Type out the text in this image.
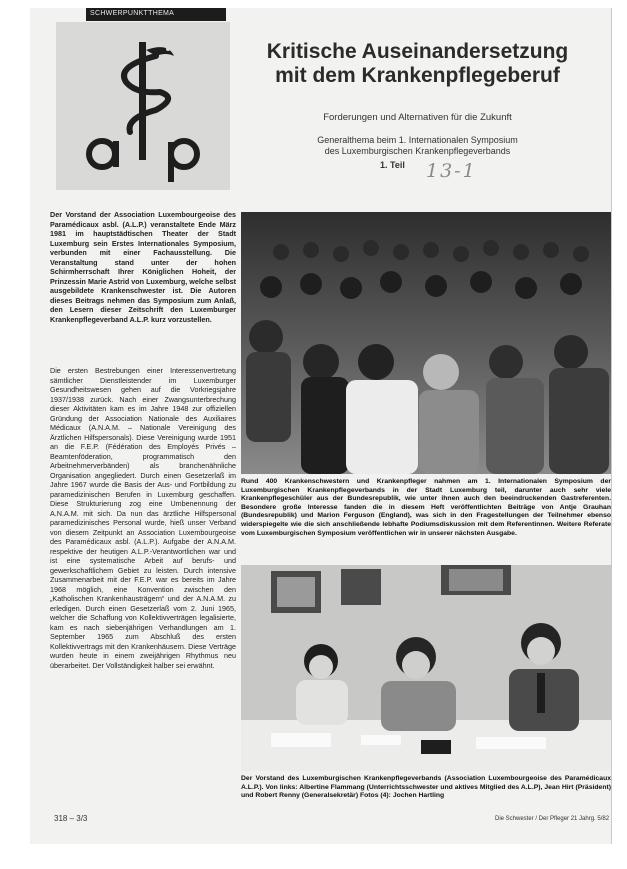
SCHWERPUNKTTHEMA
Kritische Auseinandersetzung
mit dem Krankenpflegeberuf
Forderungen und Alternativen für die Zukunft
Generalthema beim 1. Internationalen Symposium
des Luxemburgischen Krankenpflegeverbands
1. Teil 13-1
Der Vorstand der Association Luxembourgeoise des Paramédicaux asbl. (A.L.P.) veranstaltete Ende März 1981 im hauptstädtischen Theater der Stadt Luxemburg sein Erstes Internationales Symposium, verbunden mit einer Fachausstellung. Die Veranstaltung stand unter der hohen Schirmherrschaft Ihrer Königlichen Hoheit, der Prinzessin Marie Astrid von Luxemburg, welche selbst ausgebildete Krankenschwester ist. Die Autoren dieses Beitrags nehmen das Symposium zum Anlaß, den Lesern dieser Zeitschrift den Luxemburger Krankenpflegeverband A.L.P. kurz vorzustellen.
Die ersten Bestrebungen einer Interessenvertretung sämtlicher Dienstleistender im Luxemburger Gesundheitswesen gehen auf die Vorkriegsjahre 1937/1938 zurück. Nach einer Zwangsunterbrechung dieser Aktivitäten kam es im Jahre 1948 zur offiziellen Gründung der Association Nationale des Auxiliaires Médicaux (A.N.A.M. – Nationale Vereinigung des Ärztlichen Hilfspersonals). Diese Vereinigung wurde 1951 an die F.E.P. (Fédération des Employés Privés – Beamtenföderation, programmatisch den Arbeitnehmerverbänden) als branchenähnliche Organisation angegliedert. Durch einen Gesetzerlaß im Jahre 1967 wurde die Basis der Aus- und Fortbildung zu paramedizinischen Berufen in Luxemburg geschaffen. Diese Strukturierung zog eine Umbenennung der A.N.A.M. mit sich. Da nun das ärztliche Hilfspersonal paramedizinisches Personal wurde, hieß unser Verband von diesem Zeitpunkt an Association Luxembourgeoise des Paramédicaux asbl. (A.L.P.). Aufgabe der A.N.A.M. respektive der heutigen A.L.P.-Verantwortlichen war und ist eine systematische Arbeit auf berufs- und gewerkschaftlichem Gebiet zu leisten. Durch intensive Zusammenarbeit mit der F.E.P. war es bereits im Jahre 1968 möglich, eine Konvention zwischen den „Katholischen Krankenhausträgern“ und der A.N.A.M. zu erledigen. Durch einen Gesetzerlaß vom 2. Juni 1965, welcher die Schaffung von Kollektivverträgen legalisierte, kam es nach siebenjährigen Verhandlungen am 1. September 1965 zum Abschluß des ersten Kollektivvertrags mit den Krankenhäusern. Diese Verträge wurden heute in einem zweijährigen Rhythmus neu überarbeitet. Der Vollständigkeit halber sei erwähnt.
Rund 400 Krankenschwestern und Krankenpfleger nahmen am 1. Internationalen Symposium der Luxemburgischen Krankenpflegeverbands in der Stadt Luxemburg teil, darunter auch sehr viele Krankenpflegeschüler aus der Bundesrepublik, wie unter ihnen auch den beeindruckenden Gastreferenten. Besondere große Interesse fanden die in diesem Heft veröffentlichten Beiträge von Antje Grauhan (Bundesrepublik) und Marion Ferguson (England), was sich in den Fragestellungen der Teilnehmer ebenso widerspiegelte wie die sich anschließende lebhafte Podiumsdiskussion mit dem Referentinnen. Weitere Referate vom Luxemburgischen Symposium veröffentlichen wir in unserer nächsten Ausgabe.
Der Vorstand des Luxemburgischen Krankenpflegeverbands (Association Luxembourgeoise des Paramédicaux A.L.P.). Von links: Albertine Flammang (Unterrichtsschwester und aktives Mitglied des A.L.P), Jean Hirt (Präsident) und Robert Renny (Generalsekretär) Fotos (4): Jochen Hartling
318 – 3/3	Die Schwester / Der Pfleger 21 Jahrg. 5/82
